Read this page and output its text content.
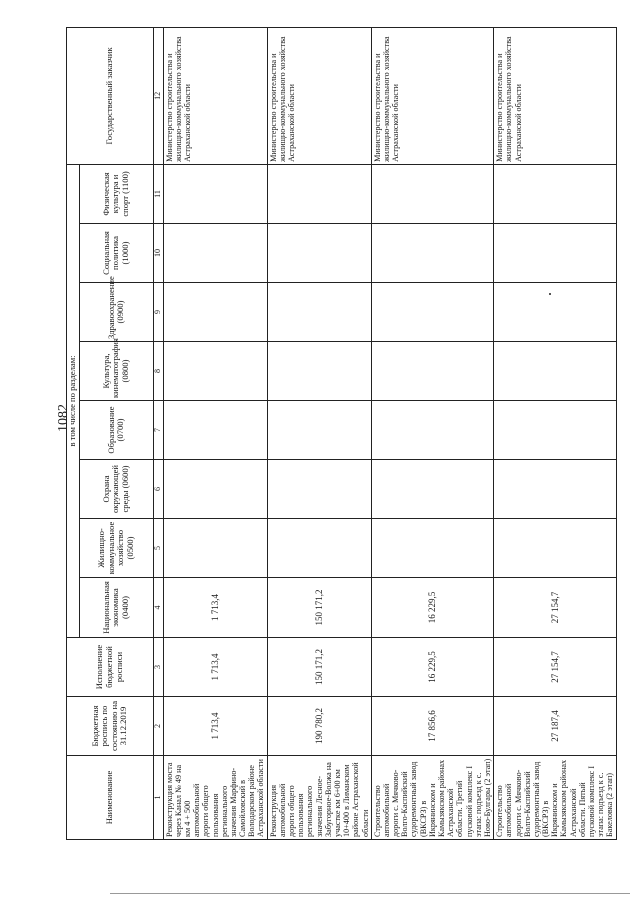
1082
Наименование	Бюджетная роспись по состоянию на 31.12.2019	Исполнение бюджетной росписи	в том числе по разделам:								Государственный заказчик
			Национальная экономика (0400)	Жилищно-коммунальное хозяйство (0500)	Охрана окружающей среды (0600)	Образование (0700)	Культура, кинематография (0800)	Здравоохранение (0900)	Социальная политика (1000)	Физическая культура и спорт (1100)	
1	2	3	4	5	6	7	8	9	10	11	12
Реконструкция моста через Канал № 49 на км 4 + 500 автомобильной дороги общего пользования регионального значения Марфино-Самойловский в Володарском районе Астраханской области	1 713,4	1 713,4	1 713,4								Министерство строительства и жилищно-коммунального хозяйства Астраханской области
Реконструкция автомобильной дороги общего пользования регионального значения Лесное-Забугорное-Волжа на участке км 6+00 км 10+400 в Лиманском районе Астраханской области	190 780,2	150 171,2	150 171,2								Министерство строительства и жилищно-коммунального хозяйства Астраханской области
Строительство автомобильной дороги с. Мячково-Волго-Каспийский судоремонтный завод (ВКСРЗ) в Икрянинском и Камызякском районах Астраханской области. Третий пусковой комплекс I этапа: подъезд к с. Ново-Булгары (2 этап)	17 856,6	16 229,5	16 229,5								Министерство строительства и жилищно-коммунального хозяйства Астраханской области
Строительство автомобильной дороги с. Мячково-Волго-Каспийский судоремонтный завод (ВКСРЗ) в Икрянинском и Камызякском районах Астраханской области. Пятый пусковой комплекс I этапа: подъезд к с. Бакеловка (2 этап)	27 187,4	27 154,7	27 154,7								Министерство строительства и жилищно-коммунального хозяйства Астраханской области
